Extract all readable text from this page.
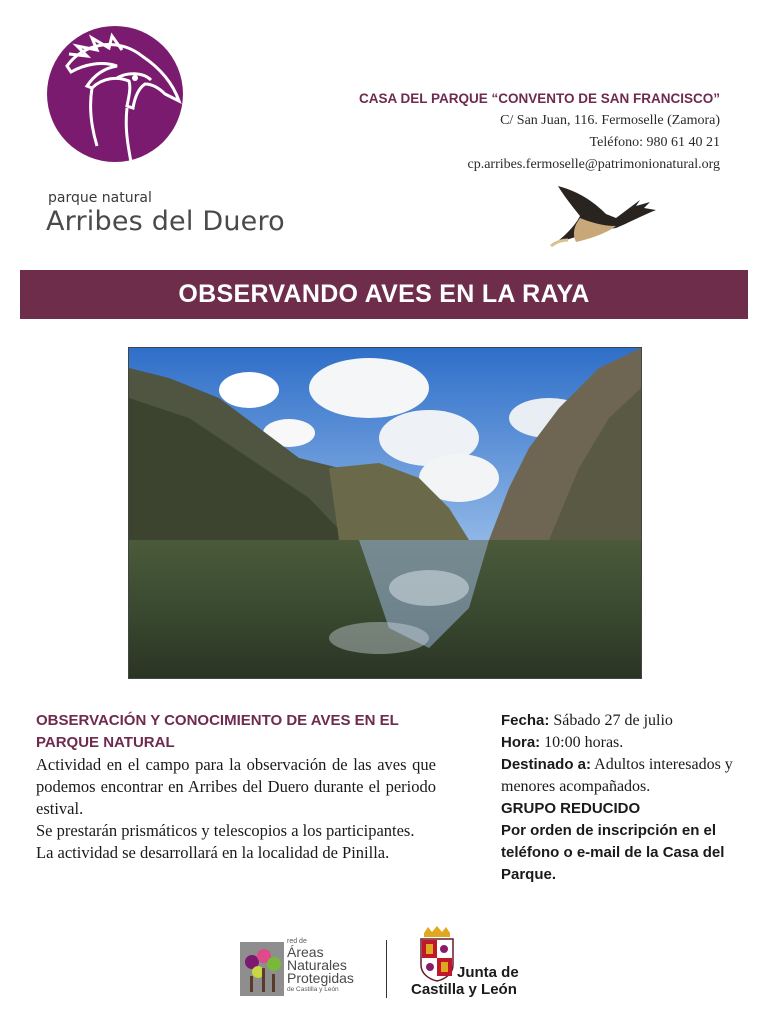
parque natural
Arribes del Duero
CASA DEL PARQUE “CONVENTO DE SAN FRANCISCO”
C/ San Juan, 116. Fermoselle (Zamora)
Teléfono: 980 61 40 21
cp.arribes.fermoselle@patrimonionatural.org
OBSERVANDO AVES EN LA RAYA
OBSERVACIÓN Y CONOCIMIENTO DE AVES EN EL PARQUE NATURAL

Actividad en el campo para la observación de las aves que podemos encontrar en Arribes del Duero durante el periodo estival.

Se prestarán prismáticos y telescopios a los participantes.

La actividad se desarrollará en la localidad de Pinilla.

Fecha: Sábado 27 de julio
Hora: 10:00 horas.
Destinado a: Adultos interesados y menores acompañados.
GRUPO REDUCIDO
Por orden de inscripción en el teléfono o e-mail de la Casa del Parque.
red de
Áreas
Naturales
Protegidas
de Castilla y León
Junta de
Castilla y León
